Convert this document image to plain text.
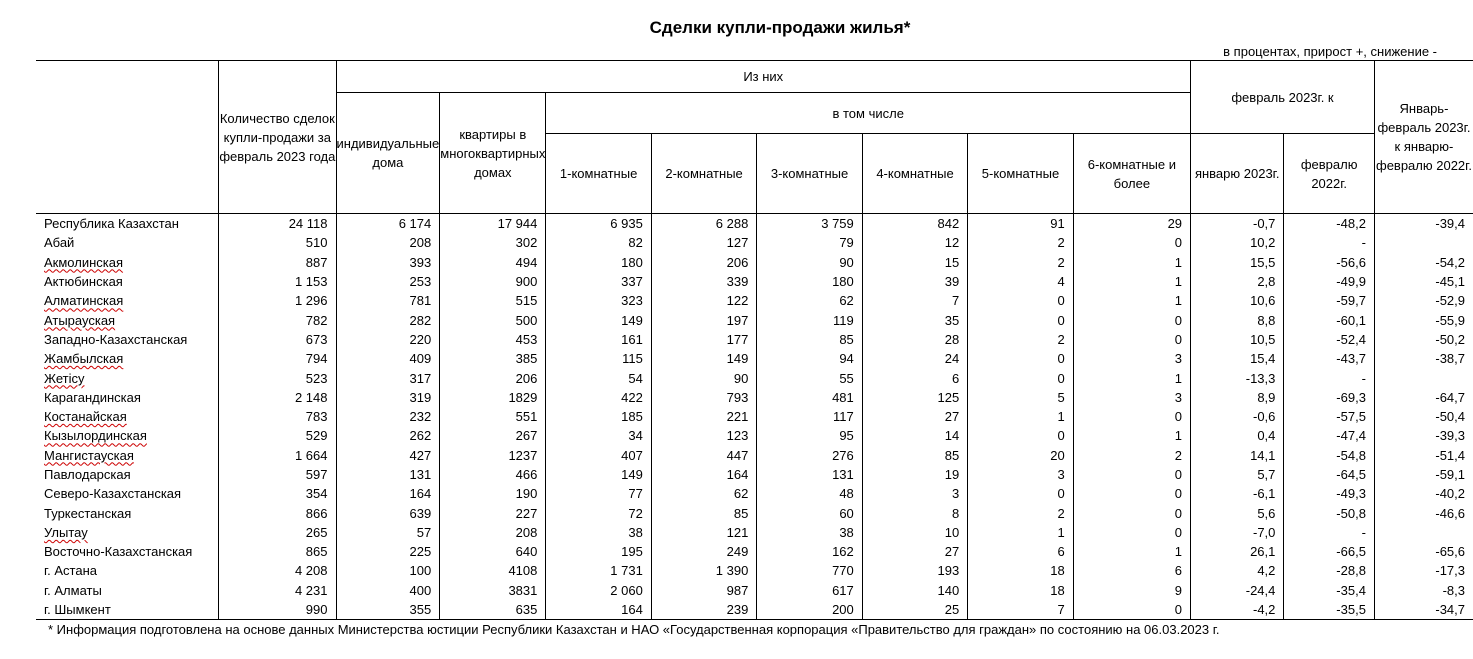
Сделки купли-продажи жилья*
в процентах, прирост +, снижение -
	Количество сделок купли-продажи за февраль 2023 года	Из них								февраль 2023г. к		Январь-февраль 2023г. к январю-февралю 2022г.
		индивидуальные дома	квартиры в многоквартирных домах	в том числе								
				1-комнатные	2-комнатные	3-комнатные	4-комнатные	5-комнатные	6-комнатные и более	январю 2023г.	февралю 2022г.	
Республика Казахстан	24 118	6 174	17 944	6 935	6 288	3 759	842	91	29	-0,7	-48,2	-39,4
Абай	510	208	302	82	127	79	12	2	0	10,2	-	
Акмолинская	887	393	494	180	206	90	15	2	1	15,5	-56,6	-54,2
Актюбинская	1 153	253	900	337	339	180	39	4	1	2,8	-49,9	-45,1
Алматинская	1 296	781	515	323	122	62	7	0	1	10,6	-59,7	-52,9
Атырауская	782	282	500	149	197	119	35	0	0	8,8	-60,1	-55,9
Западно-Казахстанская	673	220	453	161	177	85	28	2	0	10,5	-52,4	-50,2
Жамбылская	794	409	385	115	149	94	24	0	3	15,4	-43,7	-38,7
Жетісу	523	317	206	54	90	55	6	0	1	-13,3	-	
Карагандинская	2 148	319	1829	422	793	481	125	5	3	8,9	-69,3	-64,7
Костанайская	783	232	551	185	221	117	27	1	0	-0,6	-57,5	-50,4
Кызылординская	529	262	267	34	123	95	14	0	1	0,4	-47,4	-39,3
Мангистауская	1 664	427	1237	407	447	276	85	20	2	14,1	-54,8	-51,4
Павлодарская	597	131	466	149	164	131	19	3	0	5,7	-64,5	-59,1
Северо-Казахстанская	354	164	190	77	62	48	3	0	0	-6,1	-49,3	-40,2
Туркестанская	866	639	227	72	85	60	8	2	0	5,6	-50,8	-46,6
Улытау	265	57	208	38	121	38	10	1	0	-7,0	-	
Восточно-Казахстанская	865	225	640	195	249	162	27	6	1	26,1	-66,5	-65,6
г. Астана	4 208	100	4108	1 731	1 390	770	193	18	6	4,2	-28,8	-17,3
г. Алматы	4 231	400	3831	2 060	987	617	140	18	9	-24,4	-35,4	-8,3
г. Шымкент	990	355	635	164	239	200	25	7	0	-4,2	-35,5	-34,7
* Информация подготовлена на основе данных Министерства юстиции Республики Казахстан и НАО «Государственная корпорация «Правительство для граждан» по состоянию на 06.03.2023 г.
